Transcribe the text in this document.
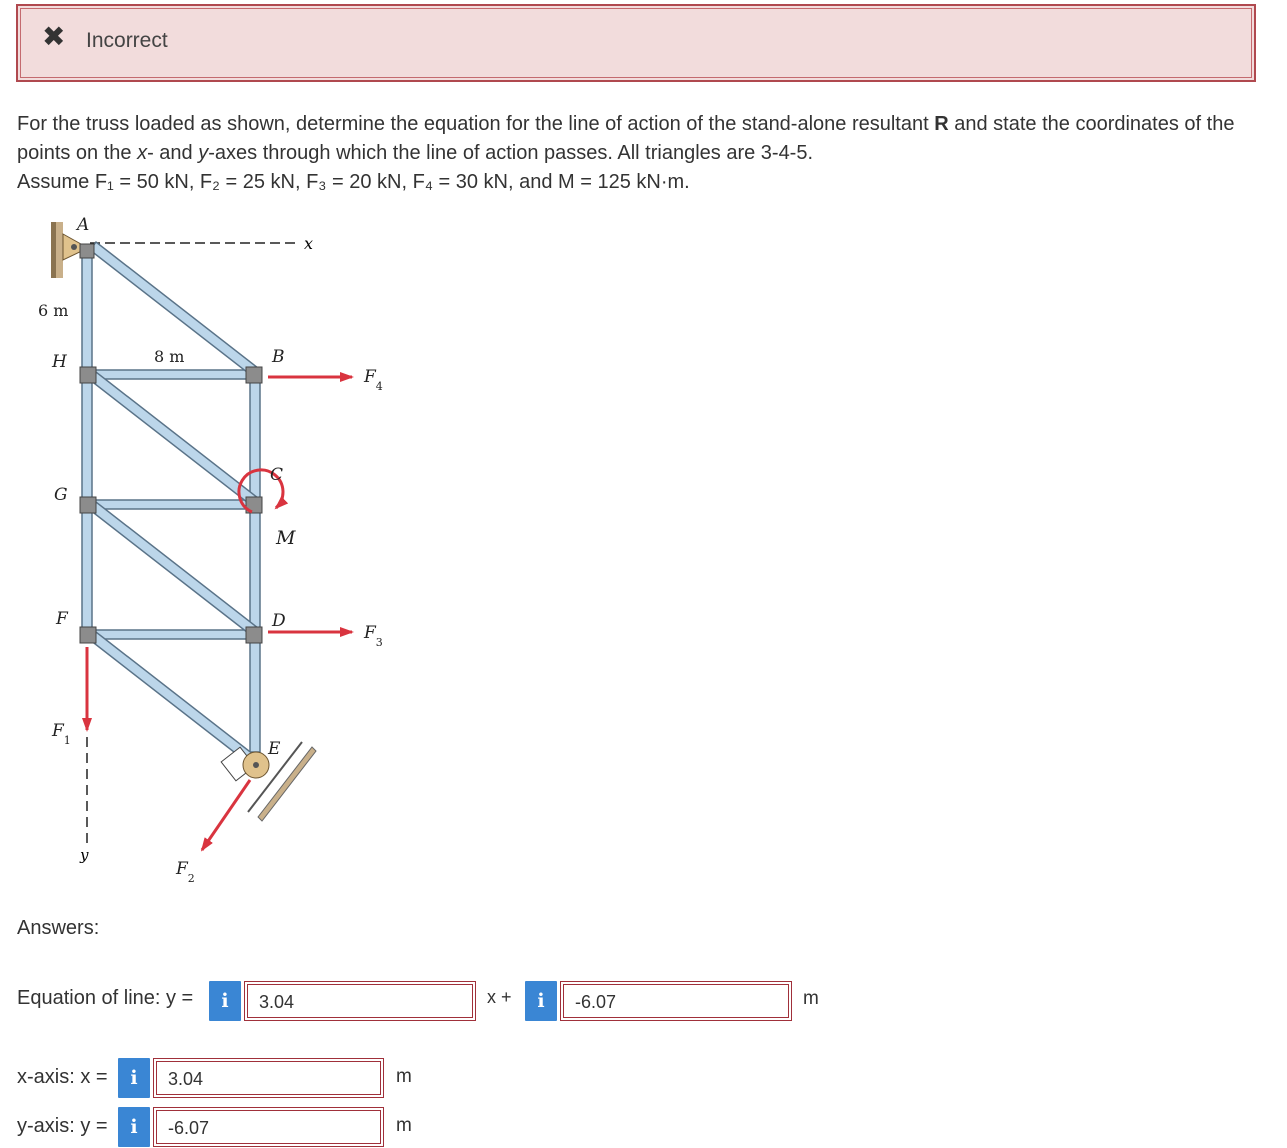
✖ Incorrect
For the truss loaded as shown, determine the equation for the line of action of the stand-alone resultant R and state the coordinates of the points on the x- and y-axes through which the line of action passes. All triangles are 3-4-5.
Assume F₁ = 50 kN, F₂ = 25 kN, F₃ = 20 kN, F₄ = 30 kN, and M = 125 kN·m.
x
y
A
H
G
F
B
C
D
E
M
$F_4$
$F_3$
$F_1$
$F_2$
6 m
8 m
Answers:
Equation of line: y =	i	3.04	x +	i	-6.07	m
x-axis: x =	i	3.04	m
y-axis: y =	i	-6.07	m
